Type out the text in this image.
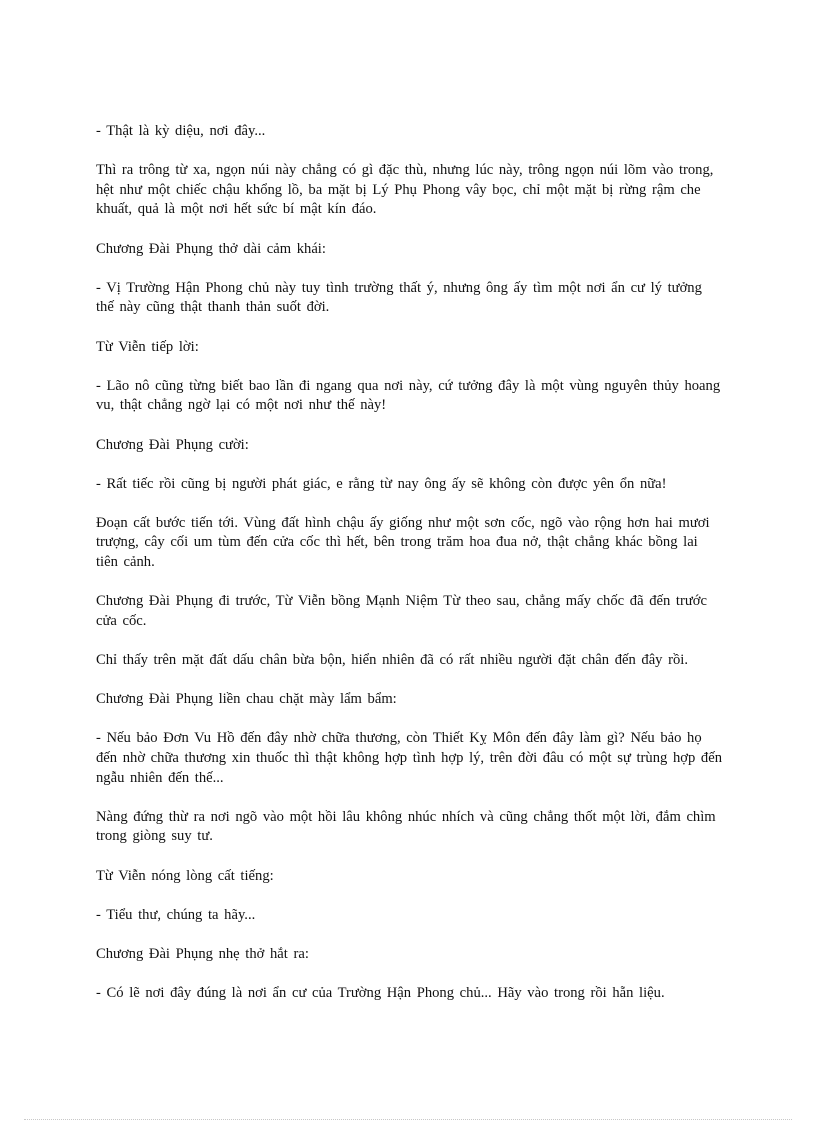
- Thật là kỳ diệu, nơi đây...

Thì ra trông từ xa, ngọn núi này chẳng có gì đặc thù, nhưng lúc này, trông ngọn núi lõm vào trong, hệt như một chiếc chậu khổng lồ, ba mặt bị Lý Phụ Phong vây bọc, chỉ một mặt bị rừng rậm che khuất, quả là một nơi hết sức bí mật kín đáo.

Chương Đài Phụng thở dài cảm khái:

- Vị Trường Hận Phong chủ này tuy tình trường thất ý, nhưng ông ấy tìm một nơi ẩn cư lý tưởng thế này cũng thật thanh thản suốt đời.

Từ Viễn tiếp lời:

- Lão nô cũng từng biết bao lần đi ngang qua nơi này, cứ tưởng đây là một vùng nguyên thủy hoang vu, thật chẳng ngờ lại có một nơi như thế này!

Chương Đài Phụng cười:

- Rất tiếc rồi cũng bị người phát giác, e rằng từ nay ông ấy sẽ không còn được yên ổn nữa!

Đoạn cất bước tiến tới. Vùng đất hình chậu ấy giống như một sơn cốc, ngõ vào rộng hơn hai mươi trượng, cây cối um tùm đến cửa cốc thì hết, bên trong trăm hoa đua nở, thật chẳng khác bồng lai tiên cảnh.

Chương Đài Phụng đi trước, Từ Viễn bồng Mạnh Niệm Từ theo sau, chẳng mấy chốc đã đến trước cửa cốc.

Chỉ thấy trên mặt đất dấu chân bừa bộn, hiển nhiên đã có rất nhiều người đặt chân đến đây rồi.

Chương Đài Phụng liền chau chặt mày lẩm bẩm:

- Nếu bảo Đơn Vu Hồ đến đây nhờ chữa thương, còn Thiết Kỵ Môn đến đây làm gì? Nếu bảo họ đến nhờ chữa thương xin thuốc thì thật không hợp tình hợp lý, trên đời đâu có một sự trùng hợp đến ngẫu nhiên đến thế...

Nàng đứng thừ ra nơi ngõ vào một hồi lâu không nhúc nhích và cũng chẳng thốt một lời, đắm chìm trong giòng suy tư.

Từ Viễn nóng lòng cất tiếng:

- Tiểu thư, chúng ta hãy...

Chương Đài Phụng nhẹ thở hắt ra:

- Có lẽ nơi đây đúng là nơi ẩn cư của Trường Hận Phong chủ... Hãy vào trong rồi hẵn liệu.
